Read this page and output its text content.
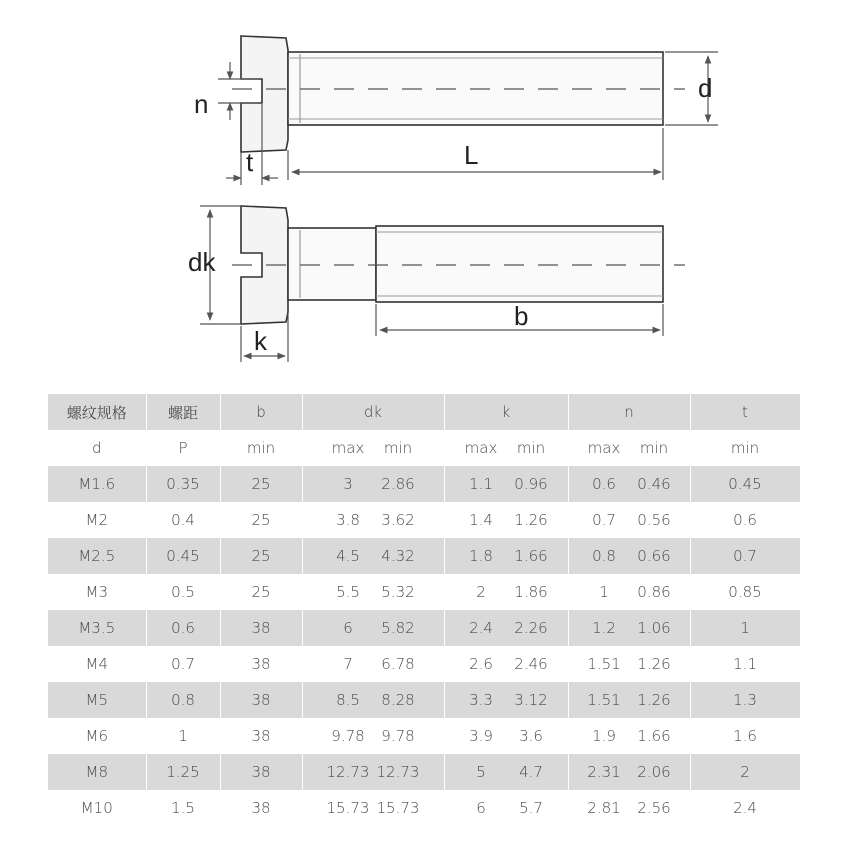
n
t	L
d
dk
k
b
螺纹规格	螺距	b	dk	k	n	t
d	P	min	max min	max min	max min	min
M1.6	0.35	25	3 2.86	1.1 0.96	0.6 0.46	0.45
M2	0.4	25	3.8 3.62	1.4 1.26	0.7 0.56	0.6
M2.5	0.45	25	4.5 4.32	1.8 1.66	0.8 0.66	0.7
M3	0.5	25	5.5 5.32	2 1.86	1 0.86	0.85
M3.5	0.6	38	6 5.82	2.4 2.26	1.2 1.06	1
M4	0.7	38	7 6.78	2.6 2.46	1.51 1.26	1.1
M5	0.8	38	8.5 8.28	3.3 3.12	1.51 1.26	1.3
M6	1	38	9.78 9.78	3.9 3.6	1.9 1.66	1.6
M8	1.25	38	12.73 12.73	5 4.7	2.31 2.06	2
M10	1.5	38	15.73 15.73	6 5.7	2.81 2.56	2.4
